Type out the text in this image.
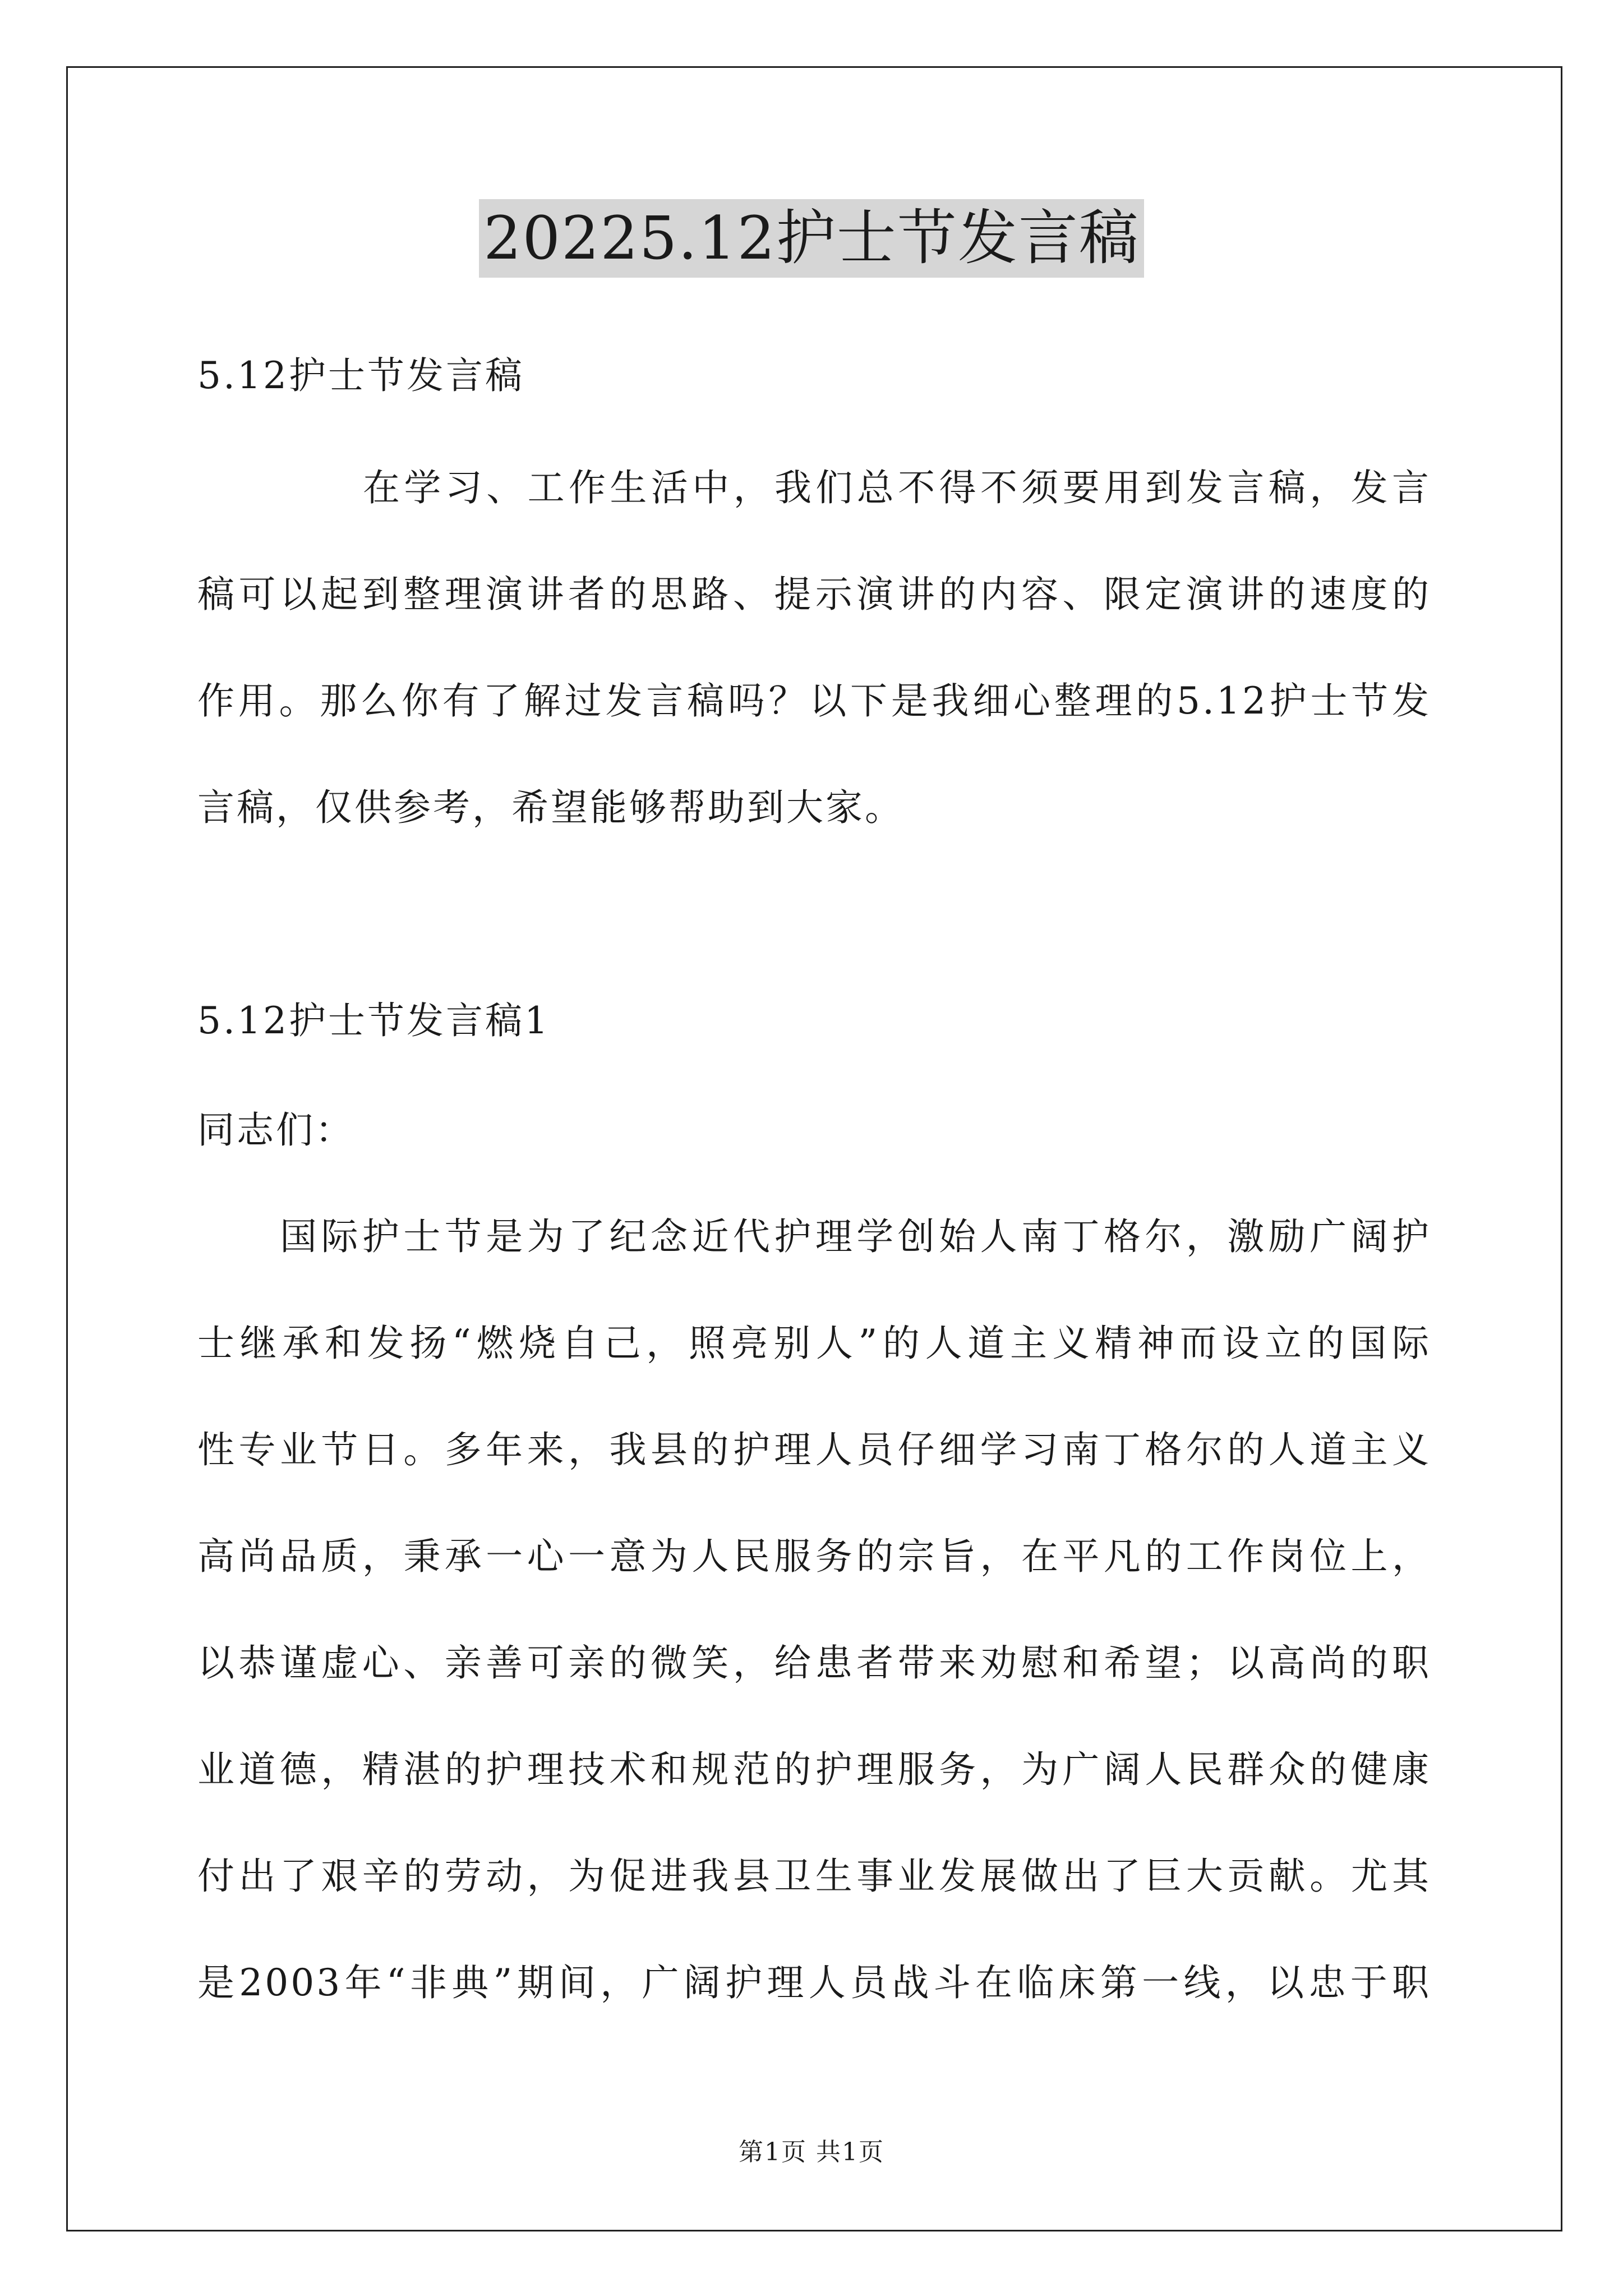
20225.12护士节发言稿
5.12护士节发言稿
在学习、工作生活中，我们总不得不须要用到发言稿，发言
稿可以起到整理演讲者的思路、提示演讲的内容、限定演讲的速度的
作用。那么你有了解过发言稿吗？以下是我细心整理的5.12护士节发
言稿，仅供参考，希望能够帮助到大家。
5.12护士节发言稿1
同志们：
国际护士节是为了纪念近代护理学创始人南丁格尔，激励广阔护
士继承和发扬“燃烧自己，照亮别人”的人道主义精神而设立的国际
性专业节日。多年来，我县的护理人员仔细学习南丁格尔的人道主义
高尚品质，秉承一心一意为人民服务的宗旨，在平凡的工作岗位上，
以恭谨虚心、亲善可亲的微笑，给患者带来劝慰和希望；以高尚的职
业道德，精湛的护理技术和规范的护理服务，为广阔人民群众的健康
付出了艰辛的劳动，为促进我县卫生事业发展做出了巨大贡献。尤其
是2003年“非典”期间，广阔护理人员战斗在临床第一线，以忠于职
第1页 共1页
